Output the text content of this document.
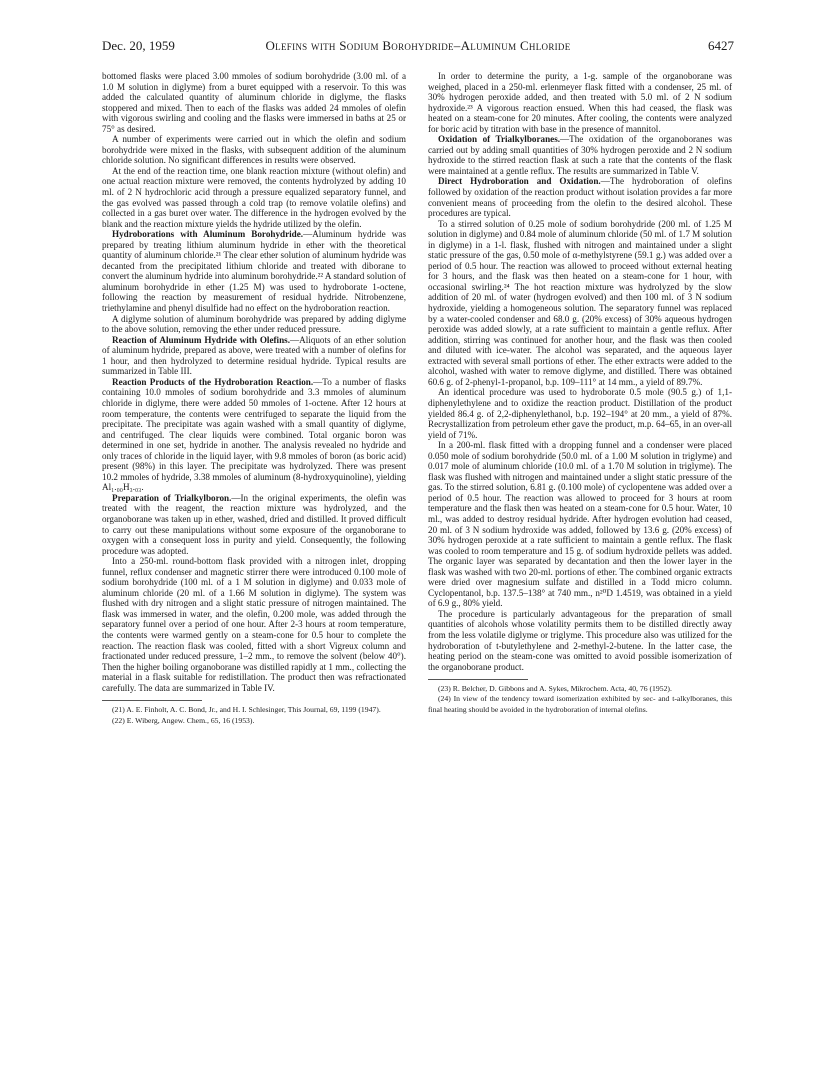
Dec. 20, 1959	Olefins with Sodium Borohydride–Aluminum Chloride	6427

bottomed flasks were placed 3.00 mmoles of sodium borohydride (3.00 ml. of a 1.0 M solution in diglyme) from a buret equipped with a reservoir. To this was added the calculated quantity of aluminum chloride in diglyme, the flasks stoppered and mixed. Then to each of the flasks was added 24 mmoles of olefin with vigorous swirling and cooling and the flasks were immersed in baths at 25 or 75° as desired.

A number of experiments were carried out in which the olefin and sodium borohydride were mixed in the flasks, with subsequent addition of the aluminum chloride solution. No significant differences in results were observed.

At the end of the reaction time, one blank reaction mixture (without olefin) and one actual reaction mixture were removed, the contents hydrolyzed by adding 10 ml. of 2 N hydrochloric acid through a pressure equalized separatory funnel, and the gas evolved was passed through a cold trap (to remove volatile olefins) and collected in a gas buret over water. The difference in the hydrogen evolved by the blank and the reaction mixture yields the hydride utilized by the olefin.

Hydroborations with Aluminum Borohydride.—Aluminum hydride was prepared by treating lithium aluminum hydride in ether with the theoretical quantity of aluminum chloride.²¹ The clear ether solution of aluminum hydride was decanted from the precipitated lithium chloride and treated with diborane to convert the aluminum hydride into aluminum borohydride.²² A standard solution of aluminum borohydride in ether (1.25 M) was used to hydroborate 1-octene, following the reaction by measurement of residual hydride. Nitrobenzene, triethylamine and phenyl disulfide had no effect on the hydroboration reaction.

A diglyme solution of aluminum borohydride was prepared by adding diglyme to the above solution, removing the ether under reduced pressure.

Reaction of Aluminum Hydride with Olefins.—Aliquots of an ether solution of aluminum hydride, prepared as above, were treated with a number of olefins for 1 hour, and then hydrolyzed to determine residual hydride. Typical results are summarized in Table III.

Reaction Products of the Hydroboration Reaction.—To a number of flasks containing 10.0 mmoles of sodium borohydride and 3.3 mmoles of aluminum chloride in diglyme, there were added 50 mmoles of 1-octene. After 12 hours at room temperature, the contents were centrifuged to separate the liquid from the precipitate. The precipitate was again washed with a small quantity of diglyme, and centrifuged. The clear liquids were combined. Total organic boron was determined in one set, hydride in another. The analysis revealed no hydride and only traces of chloride in the liquid layer, with 9.8 mmoles of boron (as boric acid) present (98%) in this layer. The precipitate was hydrolyzed. There was present 10.2 mmoles of hydride, 3.38 mmoles of aluminum (8-hydroxyquinoline), yielding Al₁.₀₀H₃.₀₃.

Preparation of Trialkylboron.—In the original experiments, the olefin was treated with the reagent, the reaction mixture was hydrolyzed, and the organoborane was taken up in ether, washed, dried and distilled. It proved difficult to carry out these manipulations without some exposure of the organoborane to oxygen with a consequent loss in purity and yield. Consequently, the following procedure was adopted.

Into a 250-ml. round-bottom flask provided with a nitrogen inlet, dropping funnel, reflux condenser and magnetic stirrer there were introduced 0.100 mole of sodium borohydride (100 ml. of a 1 M solution in diglyme) and 0.033 mole of aluminum chloride (20 ml. of a 1.66 M solution in diglyme). The system was flushed with dry nitrogen and a slight static pressure of nitrogen maintained. The flask was immersed in water, and the olefin, 0.200 mole, was added through the separatory funnel over a period of one hour. After 2-3 hours at room temperature, the contents were warmed gently on a steam-cone for 0.5 hour to complete the reaction. The reaction flask was cooled, fitted with a short Vigreux column and fractionated under reduced pressure, 1–2 mm., to remove the solvent (below 40°). Then the higher boiling organoborane was distilled rapidly at 1 mm., collecting the material in a flask suitable for redistillation. The product then was refractionated carefully. The data are summarized in Table IV.

(21) A. E. Finholt, A. C. Bond, Jr., and H. I. Schlesinger, This Journal, 69, 1199 (1947).

(22) E. Wiberg, Angew. Chem., 65, 16 (1953).

In order to determine the purity, a 1-g. sample of the organoborane was weighed, placed in a 250-ml. erlenmeyer flask fitted with a condenser, 25 ml. of 30% hydrogen peroxide added, and then treated with 5.0 ml. of 2 N sodium hydroxide.²³ A vigorous reaction ensued. When this had ceased, the flask was heated on a steam-cone for 20 minutes. After cooling, the contents were analyzed for boric acid by titration with base in the presence of mannitol.

Oxidation of Trialkylboranes.—The oxidation of the organoboranes was carried out by adding small quantities of 30% hydrogen peroxide and 2 N sodium hydroxide to the stirred reaction flask at such a rate that the contents of the flask were maintained at a gentle reflux. The results are summarized in Table V.

Direct Hydroboration and Oxidation.—The hydroboration of olefins followed by oxidation of the reaction product without isolation provides a far more convenient means of proceeding from the olefin to the desired alcohol. These procedures are typical.

To a stirred solution of 0.25 mole of sodium borohydride (200 ml. of 1.25 M solution in diglyme) and 0.84 mole of aluminum chloride (50 ml. of 1.7 M solution in diglyme) in a 1-l. flask, flushed with nitrogen and maintained under a slight static pressure of the gas, 0.50 mole of α-methylstyrene (59.1 g.) was added over a period of 0.5 hour. The reaction was allowed to proceed without external heating for 3 hours, and the flask was then heated on a steam-cone for 1 hour, with occasional swirling.²⁴ The hot reaction mixture was hydrolyzed by the slow addition of 20 ml. of water (hydrogen evolved) and then 100 ml. of 3 N sodium hydroxide, yielding a homogeneous solution. The separatory funnel was replaced by a water-cooled condenser and 68.0 g. (20% excess) of 30% aqueous hydrogen peroxide was added slowly, at a rate sufficient to maintain a gentle reflux. After addition, stirring was continued for another hour, and the flask was then cooled and diluted with ice-water. The alcohol was separated, and the aqueous layer extracted with several small portions of ether. The ether extracts were added to the alcohol, washed with water to remove diglyme, and distilled. There was obtained 60.6 g. of 2-phenyl-1-propanol, b.p. 109–111° at 14 mm., a yield of 89.7%.

An identical procedure was used to hydroborate 0.5 mole (90.5 g.) of 1,1-diphenylethylene and to oxidize the reaction product. Distillation of the product yielded 86.4 g. of 2,2-diphenylethanol, b.p. 192–194° at 20 mm., a yield of 87%. Recrystallization from petroleum ether gave the product, m.p. 64–65, in an over-all yield of 71%.

In a 200-ml. flask fitted with a dropping funnel and a condenser were placed 0.050 mole of sodium borohydride (50.0 ml. of a 1.00 M solution in triglyme) and 0.017 mole of aluminum chloride (10.0 ml. of a 1.70 M solution in triglyme). The flask was flushed with nitrogen and maintained under a slight static pressure of the gas. To the stirred solution, 6.81 g. (0.100 mole) of cyclopentene was added over a period of 0.5 hour. The reaction was allowed to proceed for 3 hours at room temperature and the flask then was heated on a steam-cone for 0.5 hour. Water, 10 ml., was added to destroy residual hydride. After hydrogen evolution had ceased, 20 ml. of 3 N sodium hydroxide was added, followed by 13.6 g. (20% excess) of 30% hydrogen peroxide at a rate sufficient to maintain a gentle reflux. The flask was cooled to room temperature and 15 g. of sodium hydroxide pellets was added. The organic layer was separated by decantation and then the lower layer in the flask was washed with two 20-ml. portions of ether. The combined organic extracts were dried over magnesium sulfate and distilled in a Todd micro column. Cyclopentanol, b.p. 137.5–138° at 740 mm., n²⁰D 1.4519, was obtained in a yield of 6.9 g., 80% yield.

The procedure is particularly advantageous for the preparation of small quantities of alcohols whose volatility permits them to be distilled directly away from the less volatile diglyme or triglyme. This procedure also was utilized for the hydroboration of t-butylethylene and 2-methyl-2-butene. In the latter case, the heating period on the steam-cone was omitted to avoid possible isomerization of the organoborane product.

(23) R. Belcher, D. Gibbons and A. Sykes, Mikrochem. Acta, 40, 76 (1952).

(24) In view of the tendency toward isomerization exhibited by sec- and t-alkylboranes, this final heating should be avoided in the hydroboration of internal olefins.
